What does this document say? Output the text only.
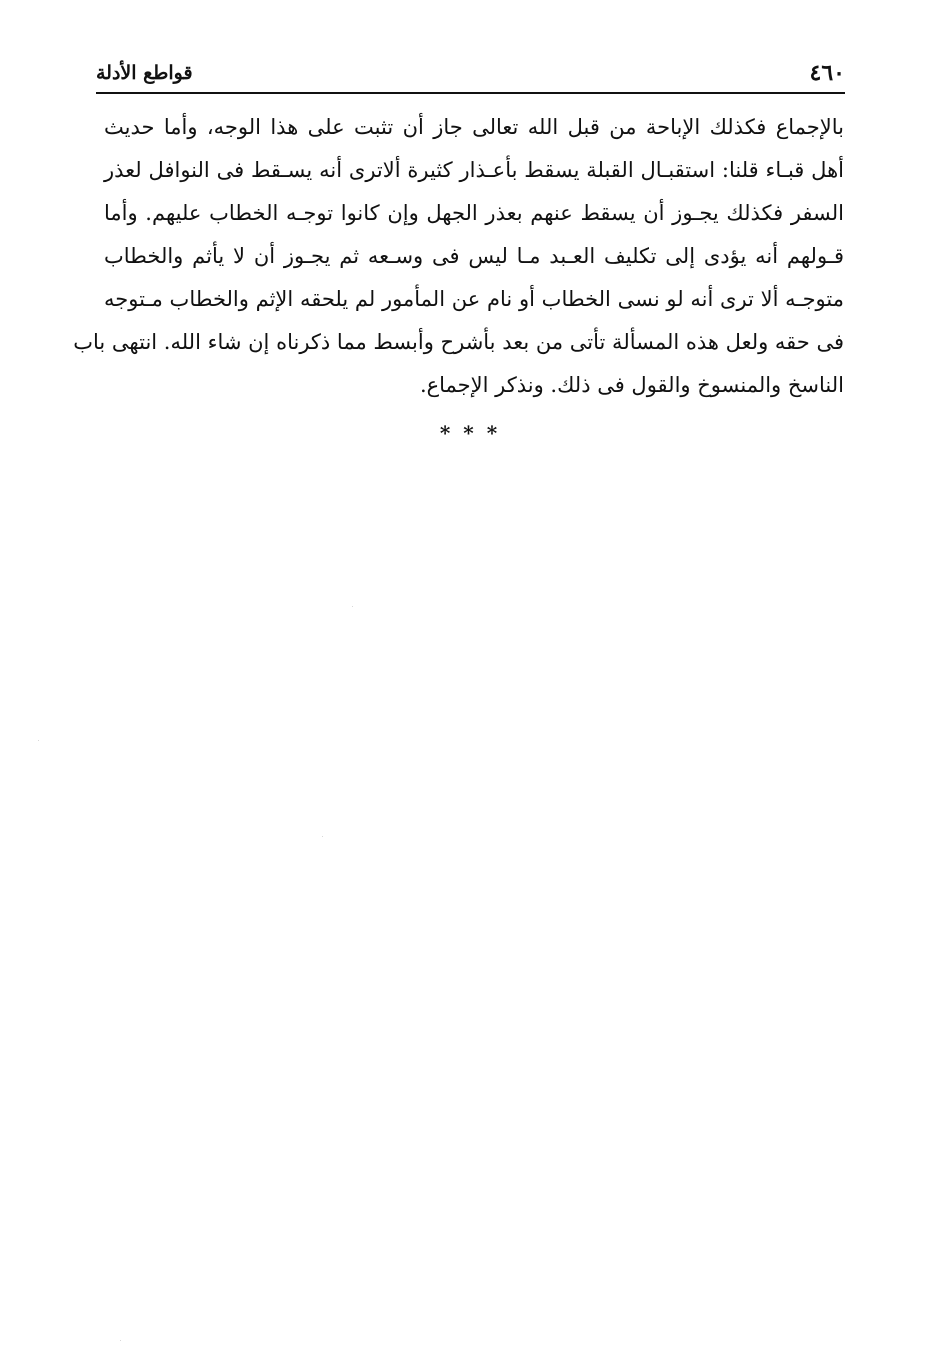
٤٦٠
قواطع الأدلة
بالإجماع فكذلك الإباحة من قبل الله تعالى جاز أن تثبت على هذا الوجه، وأما حديث
أهل قبـاء قلنا: استقبـال القبلة يسقط بأعـذار كثيرة ألاترى أنه يسـقط فى النوافل لعذر
السفر فكذلك يجـوز أن يسقط عنهم بعذر الجهل وإن كانوا توجـه الخطاب عليهم. وأما
قـولهم أنه يؤدى إلى تكليف العـبد مـا ليس فى وسـعه ثم يجـوز أن لا يأثم والخطاب
متوجـه ألا ترى أنه لو نسى الخطاب أو نام عن المأمور لم يلحقه الإثم والخطاب مـتوجه
فى حقه ولعل هذه المسألة تأتى من بعد بأشرح وأبسط مما ذكرناه إن شاء الله. انتهى باب
الناسخ والمنسوخ والقول فى ذلك. ونذكر الإجماع.
* * *
